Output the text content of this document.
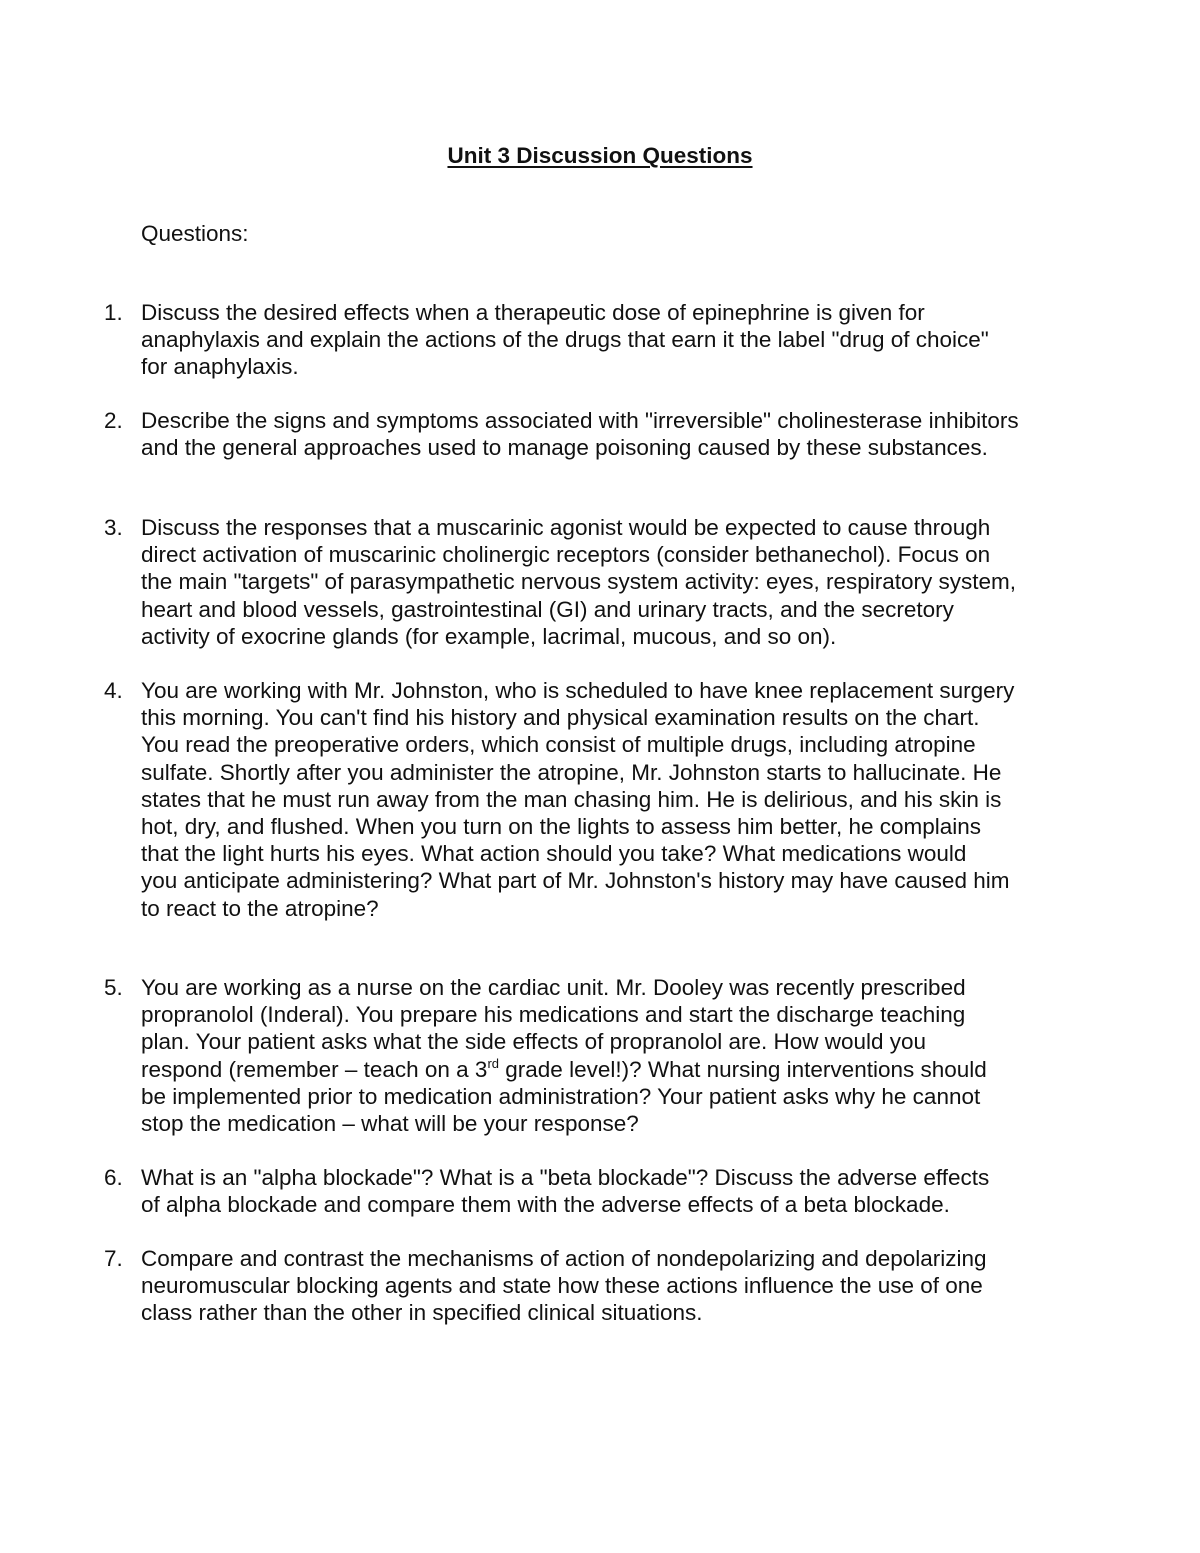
Unit 3 Discussion Questions

Questions:

1. Discuss the desired effects when a therapeutic dose of epinephrine is given for
anaphylaxis and explain the actions of the drugs that earn it the label "drug of choice"
for anaphylaxis.

2. Describe the signs and symptoms associated with "irreversible" cholinesterase inhibitors
and the general approaches used to manage poisoning caused by these substances.

3. Discuss the responses that a muscarinic agonist would be expected to cause through
direct activation of muscarinic cholinergic receptors (consider bethanechol). Focus on
the main "targets" of parasympathetic nervous system activity: eyes, respiratory system,
heart and blood vessels, gastrointestinal (GI) and urinary tracts, and the secretory
activity of exocrine glands (for example, lacrimal, mucous, and so on).

4. You are working with Mr. Johnston, who is scheduled to have knee replacement surgery
this morning. You can't find his history and physical examination results on the chart.
You read the preoperative orders, which consist of multiple drugs, including atropine
sulfate. Shortly after you administer the atropine, Mr. Johnston starts to hallucinate. He
states that he must run away from the man chasing him. He is delirious, and his skin is
hot, dry, and flushed. When you turn on the lights to assess him better, he complains
that the light hurts his eyes. What action should you take? What medications would
you anticipate administering? What part of Mr. Johnston's history may have caused him
to react to the atropine?

5. You are working as a nurse on the cardiac unit. Mr. Dooley was recently prescribed
propranolol (Inderal). You prepare his medications and start the discharge teaching
plan. Your patient asks what the side effects of propranolol are. How would you
respond (remember – teach on a 3rd grade level!)? What nursing interventions should
be implemented prior to medication administration? Your patient asks why he cannot
stop the medication – what will be your response?

6. What is an "alpha blockade"? What is a "beta blockade"? Discuss the adverse effects
of alpha blockade and compare them with the adverse effects of a beta blockade.

7. Compare and contrast the mechanisms of action of nondepolarizing and depolarizing
neuromuscular blocking agents and state how these actions influence the use of one
class rather than the other in specified clinical situations.
